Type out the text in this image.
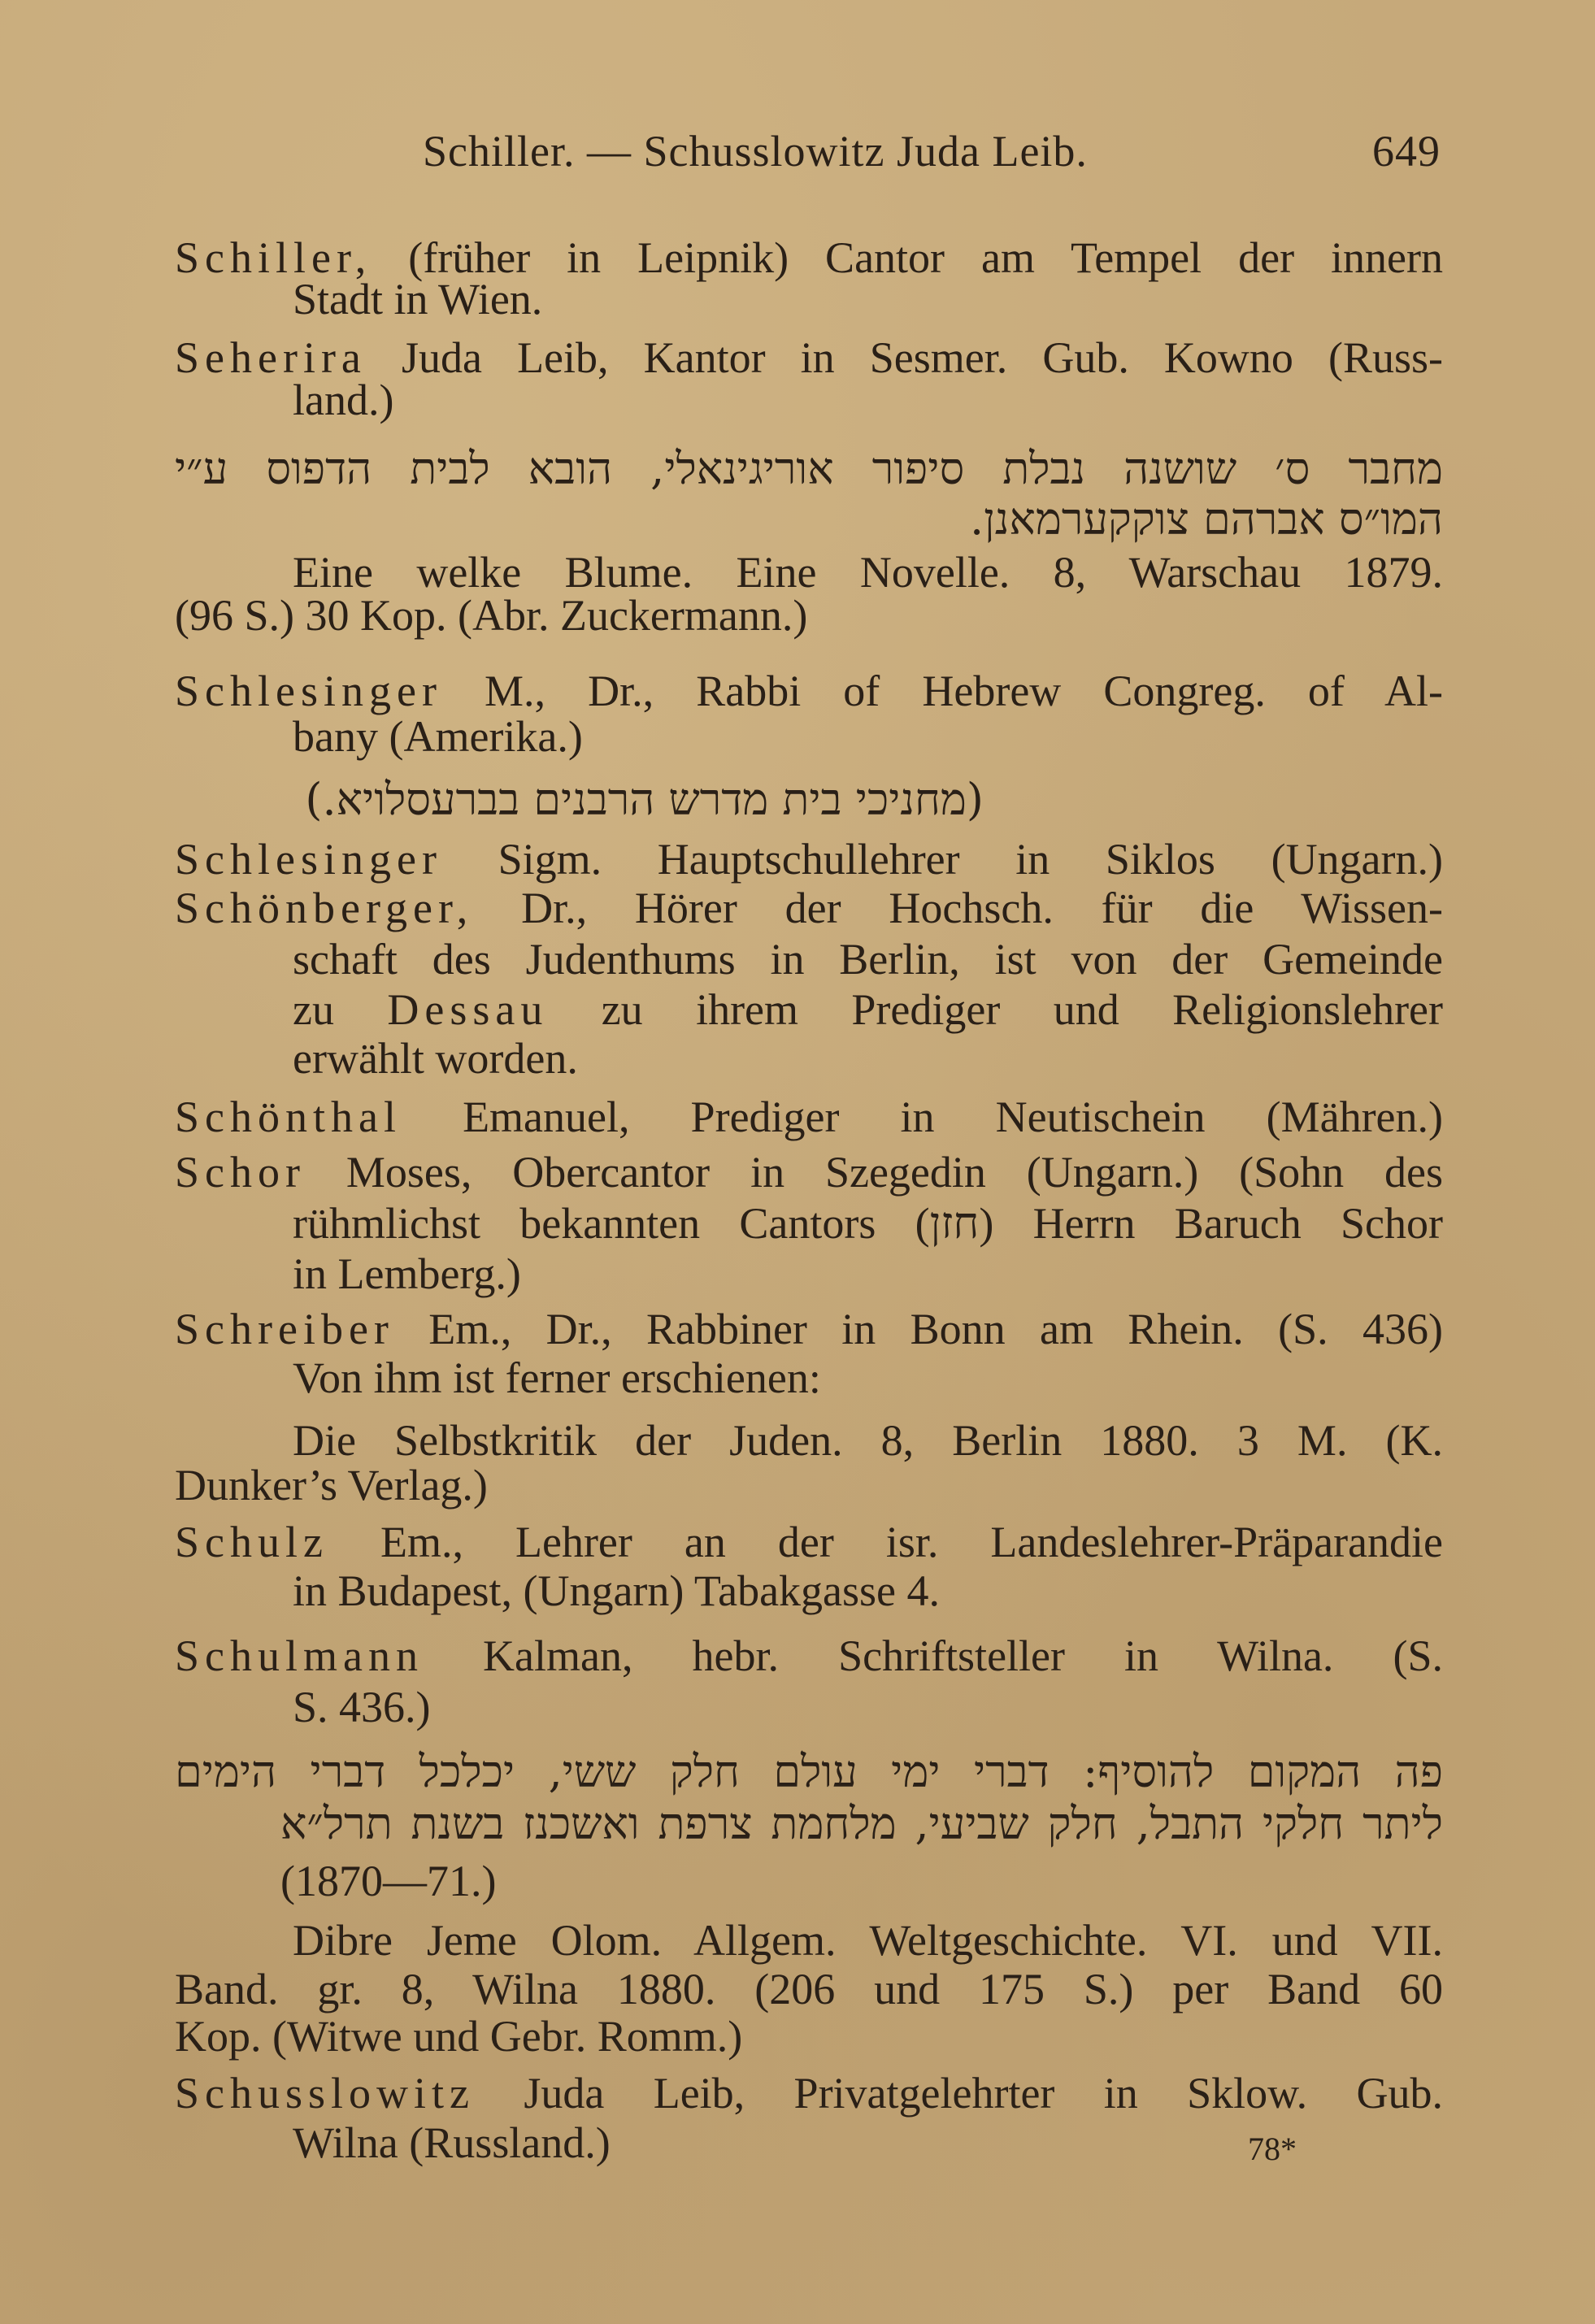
Schiller. — Schusslowitz Juda Leib.	649
Schiller, (früher in Leipnik) Cantor am Tempel der innern
Stadt in Wien.
Seherira Juda Leib, Kantor in Sesmer. Gub. Kowno (Russ-
land.)
מחבר ס׳ שושנה נבלת סיפור אוריגינאלי, הובא לבית הדפוס ע״י
המו״ס אברהם צוקקערמאנן.
Eine welke Blume. Eine Novelle. 8, Warschau 1879.
(96 S.) 30 Kop. (Abr. Zuckermann.)
Schlesinger M., Dr., Rabbi of Hebrew Congreg. of Al-
bany (Amerika.)
(מחניכי בית מדרש הרבנים בברעסלויא.)
Schlesinger Sigm. Hauptschullehrer in Siklos (Ungarn.)
Schönberger, Dr., Hörer der Hochsch. für die Wissen-
schaft des Judenthums in Berlin, ist von der Gemeinde
zu Dessau zu ihrem Prediger und Religionslehrer
erwählt worden.
Schönthal Emanuel, Prediger in Neutischein (Mähren.)
Schor Moses, Obercantor in Szegedin (Ungarn.) (Sohn des
rühmlichst bekannten Cantors (חזן) Herrn Baruch Schor
in Lemberg.)
Schreiber Em., Dr., Rabbiner in Bonn am Rhein. (S. 436)
Von ihm ist ferner erschienen:
Die Selbstkritik der Juden. 8, Berlin 1880. 3 M. (K.
Dunker’s Verlag.)
Schulz Em., Lehrer an der isr. Landeslehrer-Präparandie
in Budapest, (Ungarn) Tabakgasse 4.
Schulmann Kalman, hebr. Schriftsteller in Wilna. (S.
S. 436.)
פה המקום להוסיף: דברי ימי עולם חלק ששי, יכלכל דברי הימים
ליתר חלקי התבל, חלק שביעי, מלחמת צרפת ואשכנז בשנת תרל״א
(1870—71.)
Dibre Jeme Olom. Allgem. Weltgeschichte. VI. und VII.
Band. gr. 8, Wilna 1880. (206 und 175 S.) per Band 60
Kop. (Witwe und Gebr. Romm.)
Schusslowitz Juda Leib, Privatgelehrter in Sklow. Gub.
Wilna (Russland.)	78*
